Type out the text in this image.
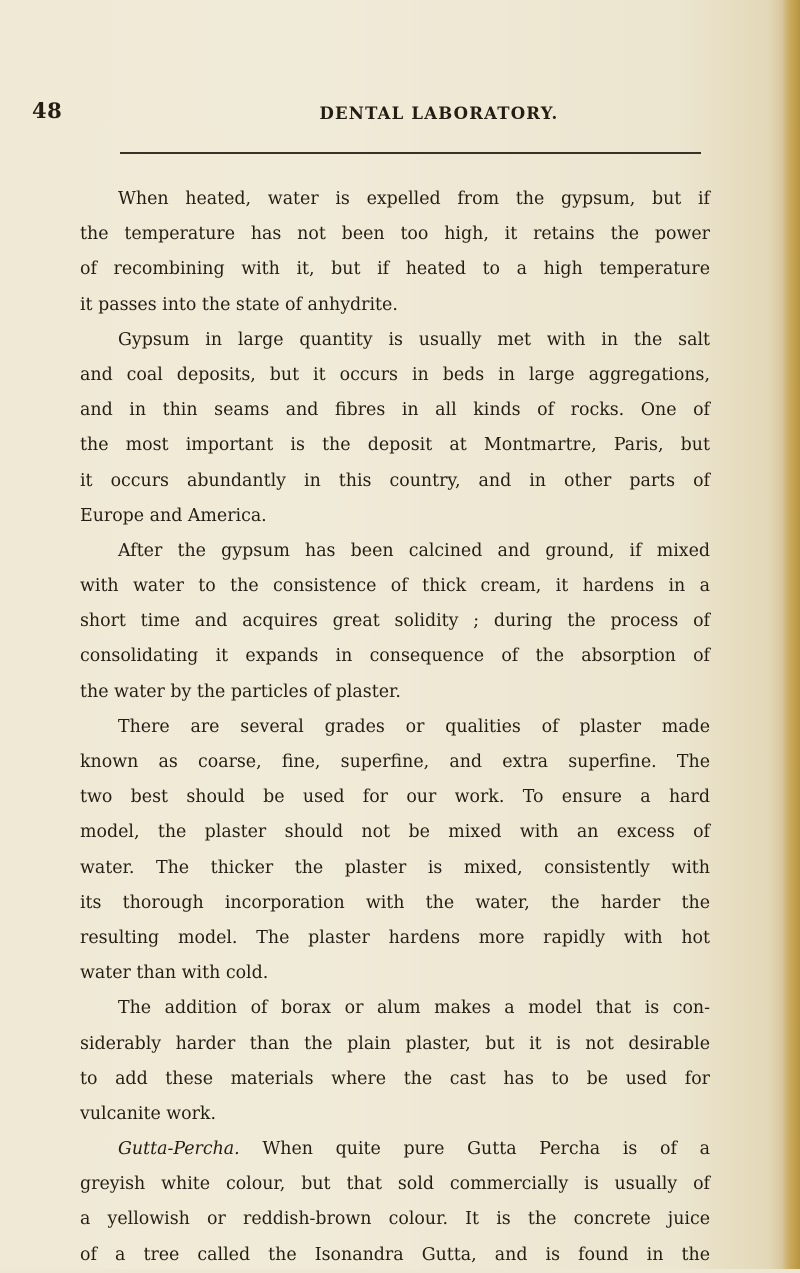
48	DENTAL LABORATORY.
When heated, water is expelled from the gypsum, but if
the temperature has not been too high, it retains the power
of recombining with it, but if heated to a high temperature
it passes into the state of anhydrite.
Gypsum in large quantity is usually met with in the salt
and coal deposits, but it occurs in beds in large aggregations,
and in thin seams and fibres in all kinds of rocks. One of
the most important is the deposit at Montmartre, Paris, but
it occurs abundantly in this country, and in other parts of
Europe and America.
After the gypsum has been calcined and ground, if mixed
with water to the consistence of thick cream, it hardens in a
short time and acquires great solidity ; during the process of
consolidating it expands in consequence of the absorption of
the water by the particles of plaster.
There are several grades or qualities of plaster made
known as coarse, fine, superfine, and extra superfine. The
two best should be used for our work. To ensure a hard
model, the plaster should not be mixed with an excess of
water. The thicker the plaster is mixed, consistently with
its thorough incorporation with the water, the harder the
resulting model. The plaster hardens more rapidly with hot
water than with cold.
The addition of borax or alum makes a model that is con-
siderably harder than the plain plaster, but it is not desirable
to add these materials where the cast has to be used for
vulcanite work.
Gutta-Percha. When quite pure Gutta Percha is of a
greyish white colour, but that sold commercially is usually of
a yellowish or reddish-brown colour. It is the concrete juice
of a tree called the Isonandra Gutta, and is found in the
